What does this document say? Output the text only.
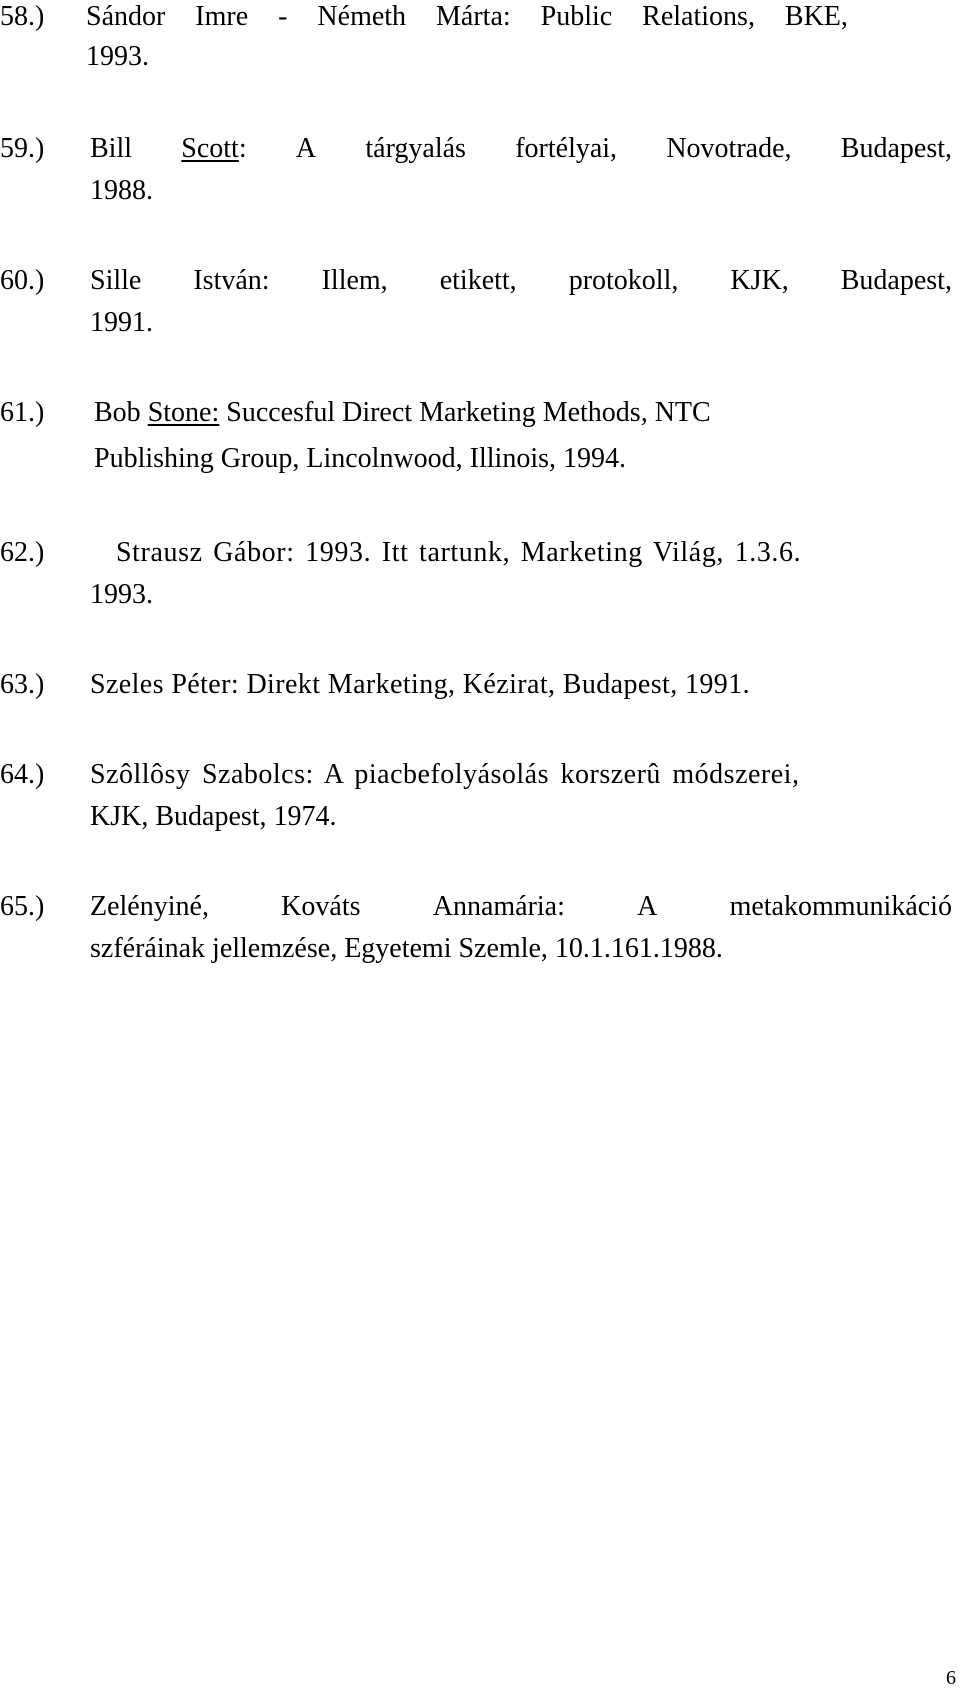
58.) Sándor Imre - Németh Márta: Public Relations, BKE,
1993.
59.) Bill Scott: A tárgyalás fortélyai, Novotrade, Budapest,
1988.
60.) Sille István: Illem, etikett, protokoll, KJK, Budapest,
1991.
61.) Bob Stone: Succesful Direct Marketing Methods, NTC
Publishing Group, Lincolnwood, Illinois, 1994.
62.)	Strausz Gábor: 1993. Itt tartunk, Marketing Világ, 1.3.6.
1993.
63.) Szeles Péter: Direkt Marketing, Kézirat, Budapest, 1991.
64.) Szôllôsy Szabolcs: A piacbefolyásolás korszerû módszerei,
KJK, Budapest, 1974.
65.) Zelényiné,	Kováts	Annamária:	A	metakommunikáció
szféráinak jellemzése, Egyetemi Szemle, 10.1.161.1988.
6
